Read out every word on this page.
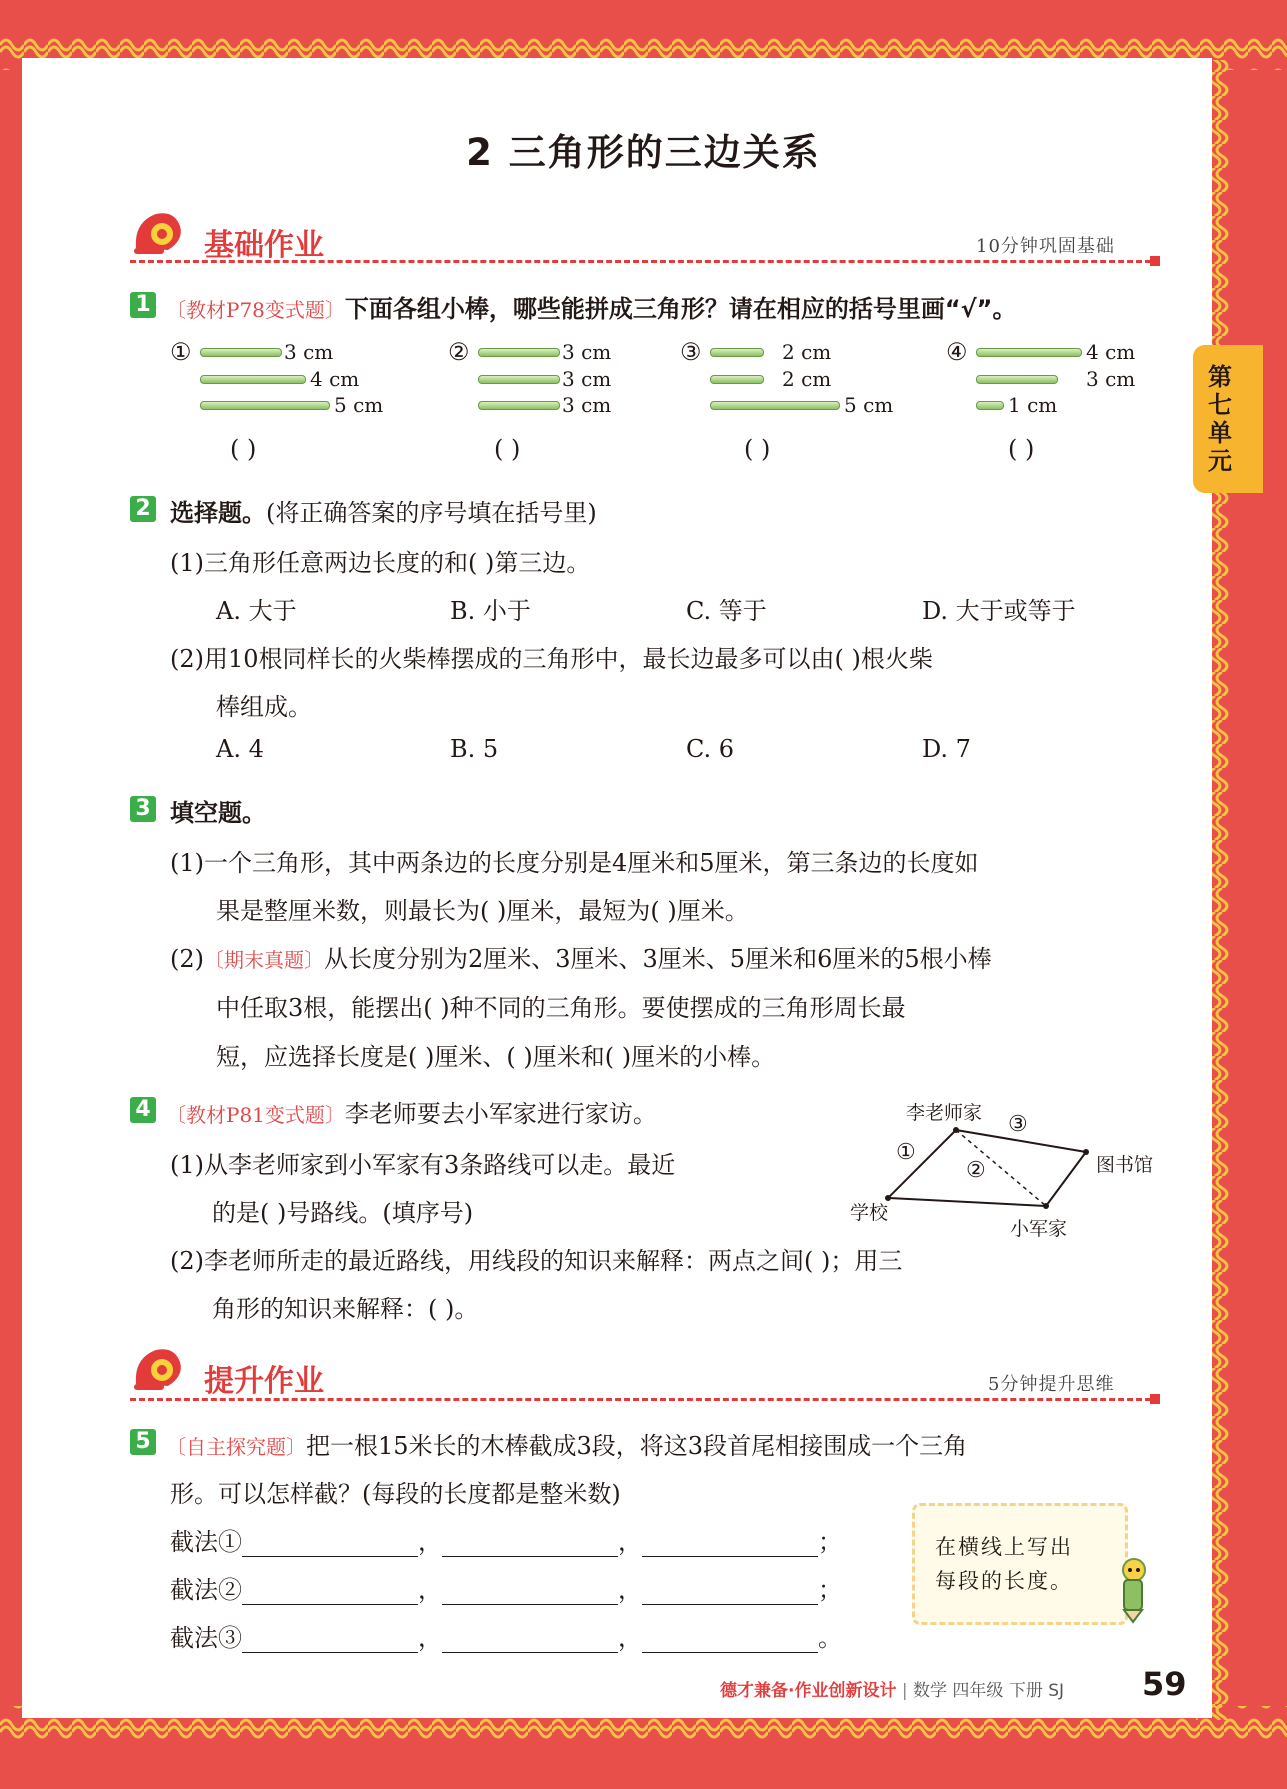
第七单元
2 三角形的三边关系
基础作业	10分钟巩固基础
1 〔教材P78变式题〕下面各组小棒，哪些能拼成三角形？请在相应的括号里画“√”。
①	3 cm
4 cm
5 cm
( )
②	3 cm
3 cm
3 cm
( )
③	2 cm
2 cm
5 cm
( )
④	4 cm
3 cm
1 cm
( )
2 选择题。(将正确答案的序号填在括号里)
(1)三角形任意两边长度的和( )第三边。
A. 大于	B. 小于	C. 等于	D. 大于或等于
(2)用10根同样长的火柴棒摆成的三角形中，最长边最多可以由( )根火柴
棒组成。
A. 4	B. 5	C. 6	D. 7
3 填空题。
(1)一个三角形，其中两条边的长度分别是4厘米和5厘米，第三条边的长度如
果是整厘米数，则最长为( )厘米，最短为( )厘米。
(2)〔期末真题〕从长度分别为2厘米、3厘米、3厘米、5厘米和6厘米的5根小棒
中任取3根，能摆出( )种不同的三角形。要使摆成的三角形周长最
短，应选择长度是( )厘米、( )厘米和( )厘米的小棒。
4 〔教材P81变式题〕李老师要去小军家进行家访。
(1)从李老师家到小军家有3条路线可以走。最近
的是( )号路线。(填序号)
(2)李老师所走的最近路线，用线段的知识来解释：两点之间( )；用三
角形的知识来解释：( )。
李老师家 ③
①
②	图书馆
学校
小军家
提升作业	5分钟提升思维
5 〔自主探究题〕把一根15米长的木棒截成3段，将这3段首尾相接围成一个三角
形。可以怎样截？(每段的长度都是整米数)
截法①	，	，	；
截法②	，	，	；
截法③	，	，	。
在横线上写出每段的长度。
德才兼备·作业创新设计 | 数学 四年级 下册 SJ 59
